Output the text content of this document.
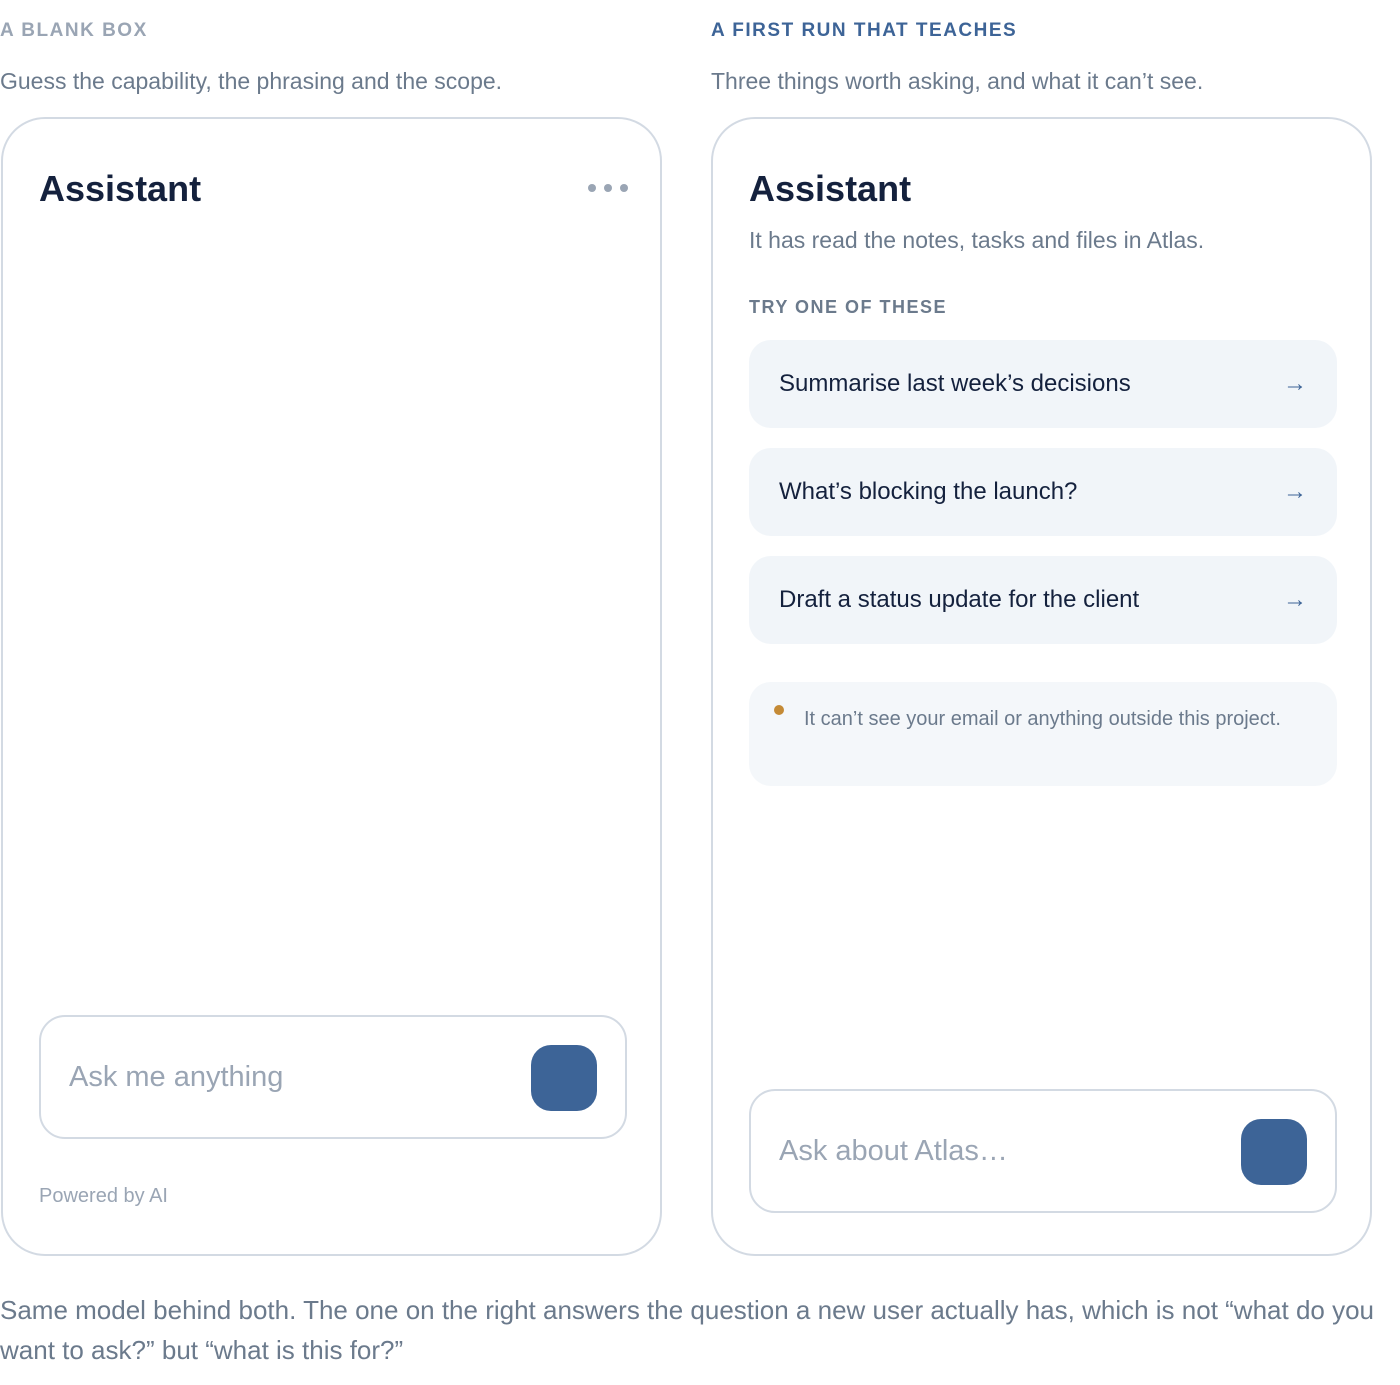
A BLANK BOX
Guess the capability, the phrasing and the scope.
A FIRST RUN THAT TEACHES
Three things worth asking, and what it can’t see.
Assistant
Ask me anything
Powered by AI
Assistant
It has read the notes, tasks and files in Atlas.
TRY ONE OF THESE
Summarise last week’s decisions	→
What’s blocking the launch?	→
Draft a status update for the client	→
It can’t see your email or anything outside this project.
Ask about Atlas…
Same model behind both. The one on the right answers the question a new user actually has, which is not “what do you want to ask?” but “what is this for?”
